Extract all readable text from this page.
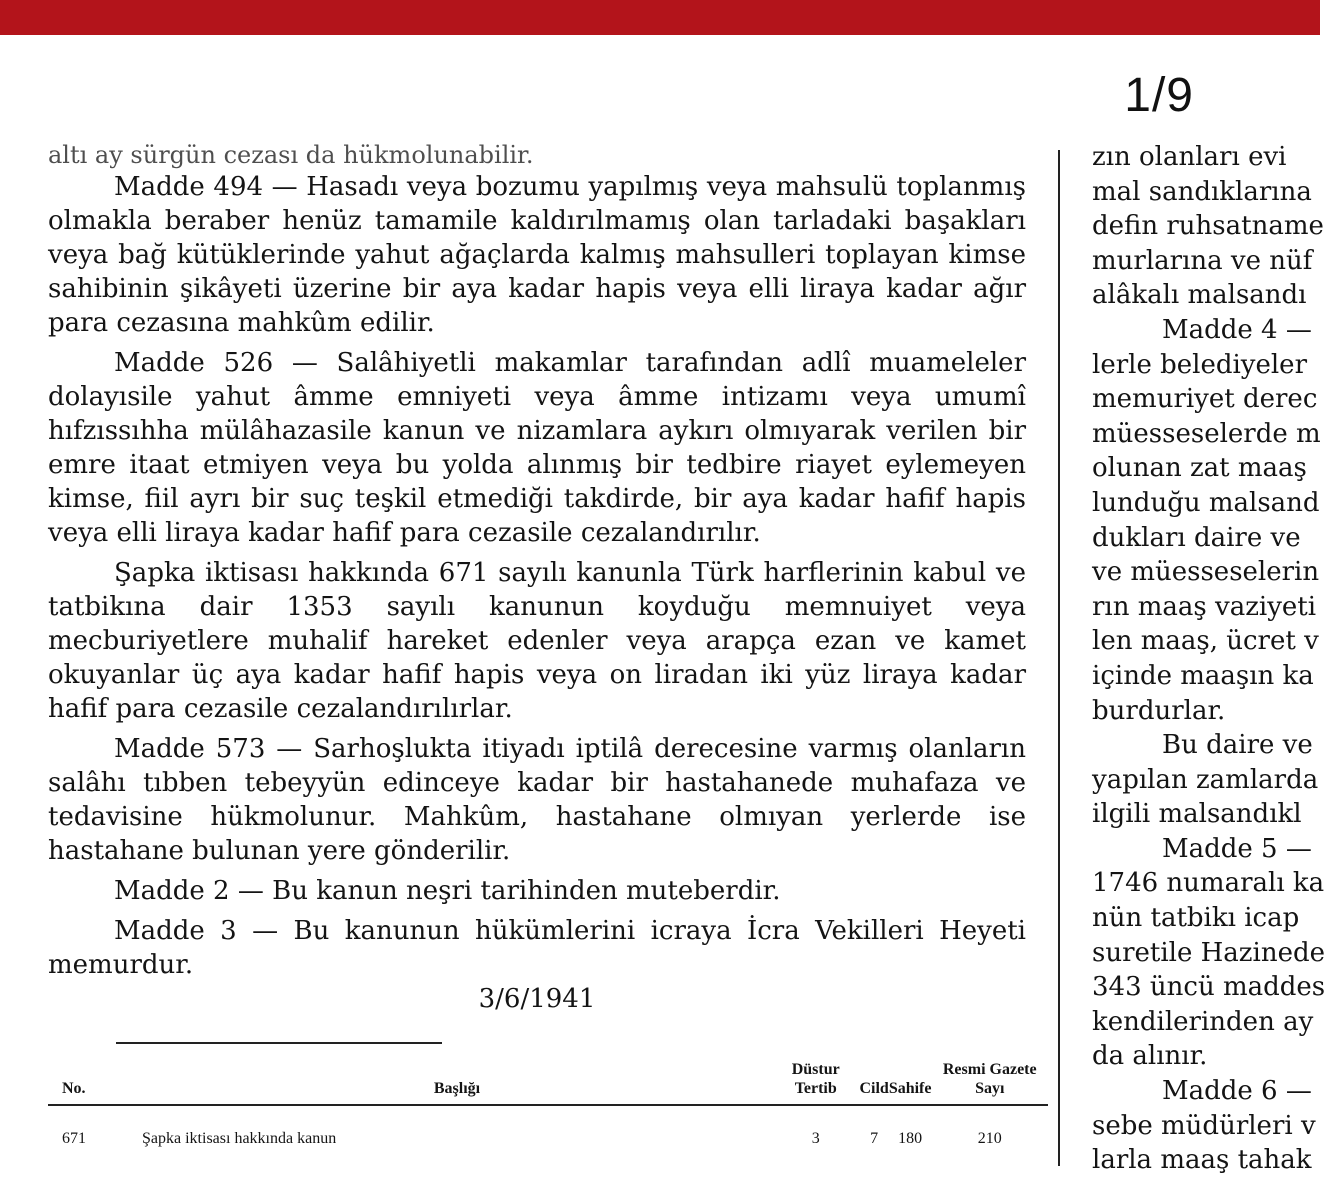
1/9

altı ay sürgün cezası da hükmolunabilir.

Madde 494 — Hasadı veya bozumu yapılmış veya mahsulü toplanmış olmakla beraber henüz tamamile kaldırılmamış olan tarladaki başakları veya bağ kütüklerinde yahut ağaçlarda kalmış mahsulleri toplayan kimse sahibinin şikâyeti üzerine bir aya kadar hapis veya elli liraya kadar ağır para cezasına mahkûm edilir.

Madde 526 — Salâhiyetli makamlar tarafından adlî muameleler dolayısile yahut âmme emniyeti veya âmme intizamı veya umumî hıfzıssıhha mülâhazasile kanun ve nizamlara aykırı olmıyarak verilen bir emre itaat etmiyen veya bu yolda alınmış bir tedbire riayet eylemeyen kimse, fiil ayrı bir suç teşkil etmediği takdirde, bir aya kadar hafif hapis veya elli liraya kadar hafif para cezasile cezalandırılır.

Şapka iktisası hakkında 671 sayılı kanunla Türk harflerinin kabul ve tatbikına dair 1353 sayılı kanunun koyduğu memnuiyet veya mecburiyetlere muhalif hareket edenler veya arapça ezan ve kamet okuyanlar üç aya kadar hafif hapis veya on liradan iki yüz liraya kadar hafif para cezasile cezalandırılırlar.

Madde 573 — Sarhoşlukta itiyadı iptilâ derecesine varmış olanların salâhı tıbben tebeyyün edinceye kadar bir hastahanede muhafaza ve tedavisine hükmolunur. Mahkûm, hastahane olmıyan yerlerde ise hastahane bulunan yere gönderilir.

Madde 2 — Bu kanun neşri tarihinden muteberdir.

Madde 3 — Bu kanunun hükümlerini icraya İcra Vekilleri Heyeti memurdur.

3/6/1941

No.	Başlığı	Düstur Tertib	Cild	Sahife	Resmi Gazete Sayı

671	Şapka iktisası hakkında kanun	3	7	180	210

zın olanları evi

mal sandıklarına

defin ruhsatname

murlarına ve nüf

alâkalı malsandı

Madde 4 —

lerle belediyeler

memuriyet derec

müesseselerde m

olunan zat maaş

lunduğu malsand

dukları daire ve

ve müesseselerin

rın maaş vaziyeti

len maaş, ücret v

içinde maaşın ka

burdurlar.

Bu daire ve

yapılan zamlarda

ilgili malsandıkl

Madde 5 —

1746 numaralı ka

nün tatbikı icap

suretile Hazinede

343 üncü maddes

kendilerinden ay

da alınır.

Madde 6 —

sebe müdürleri v

larla maaş tahak
